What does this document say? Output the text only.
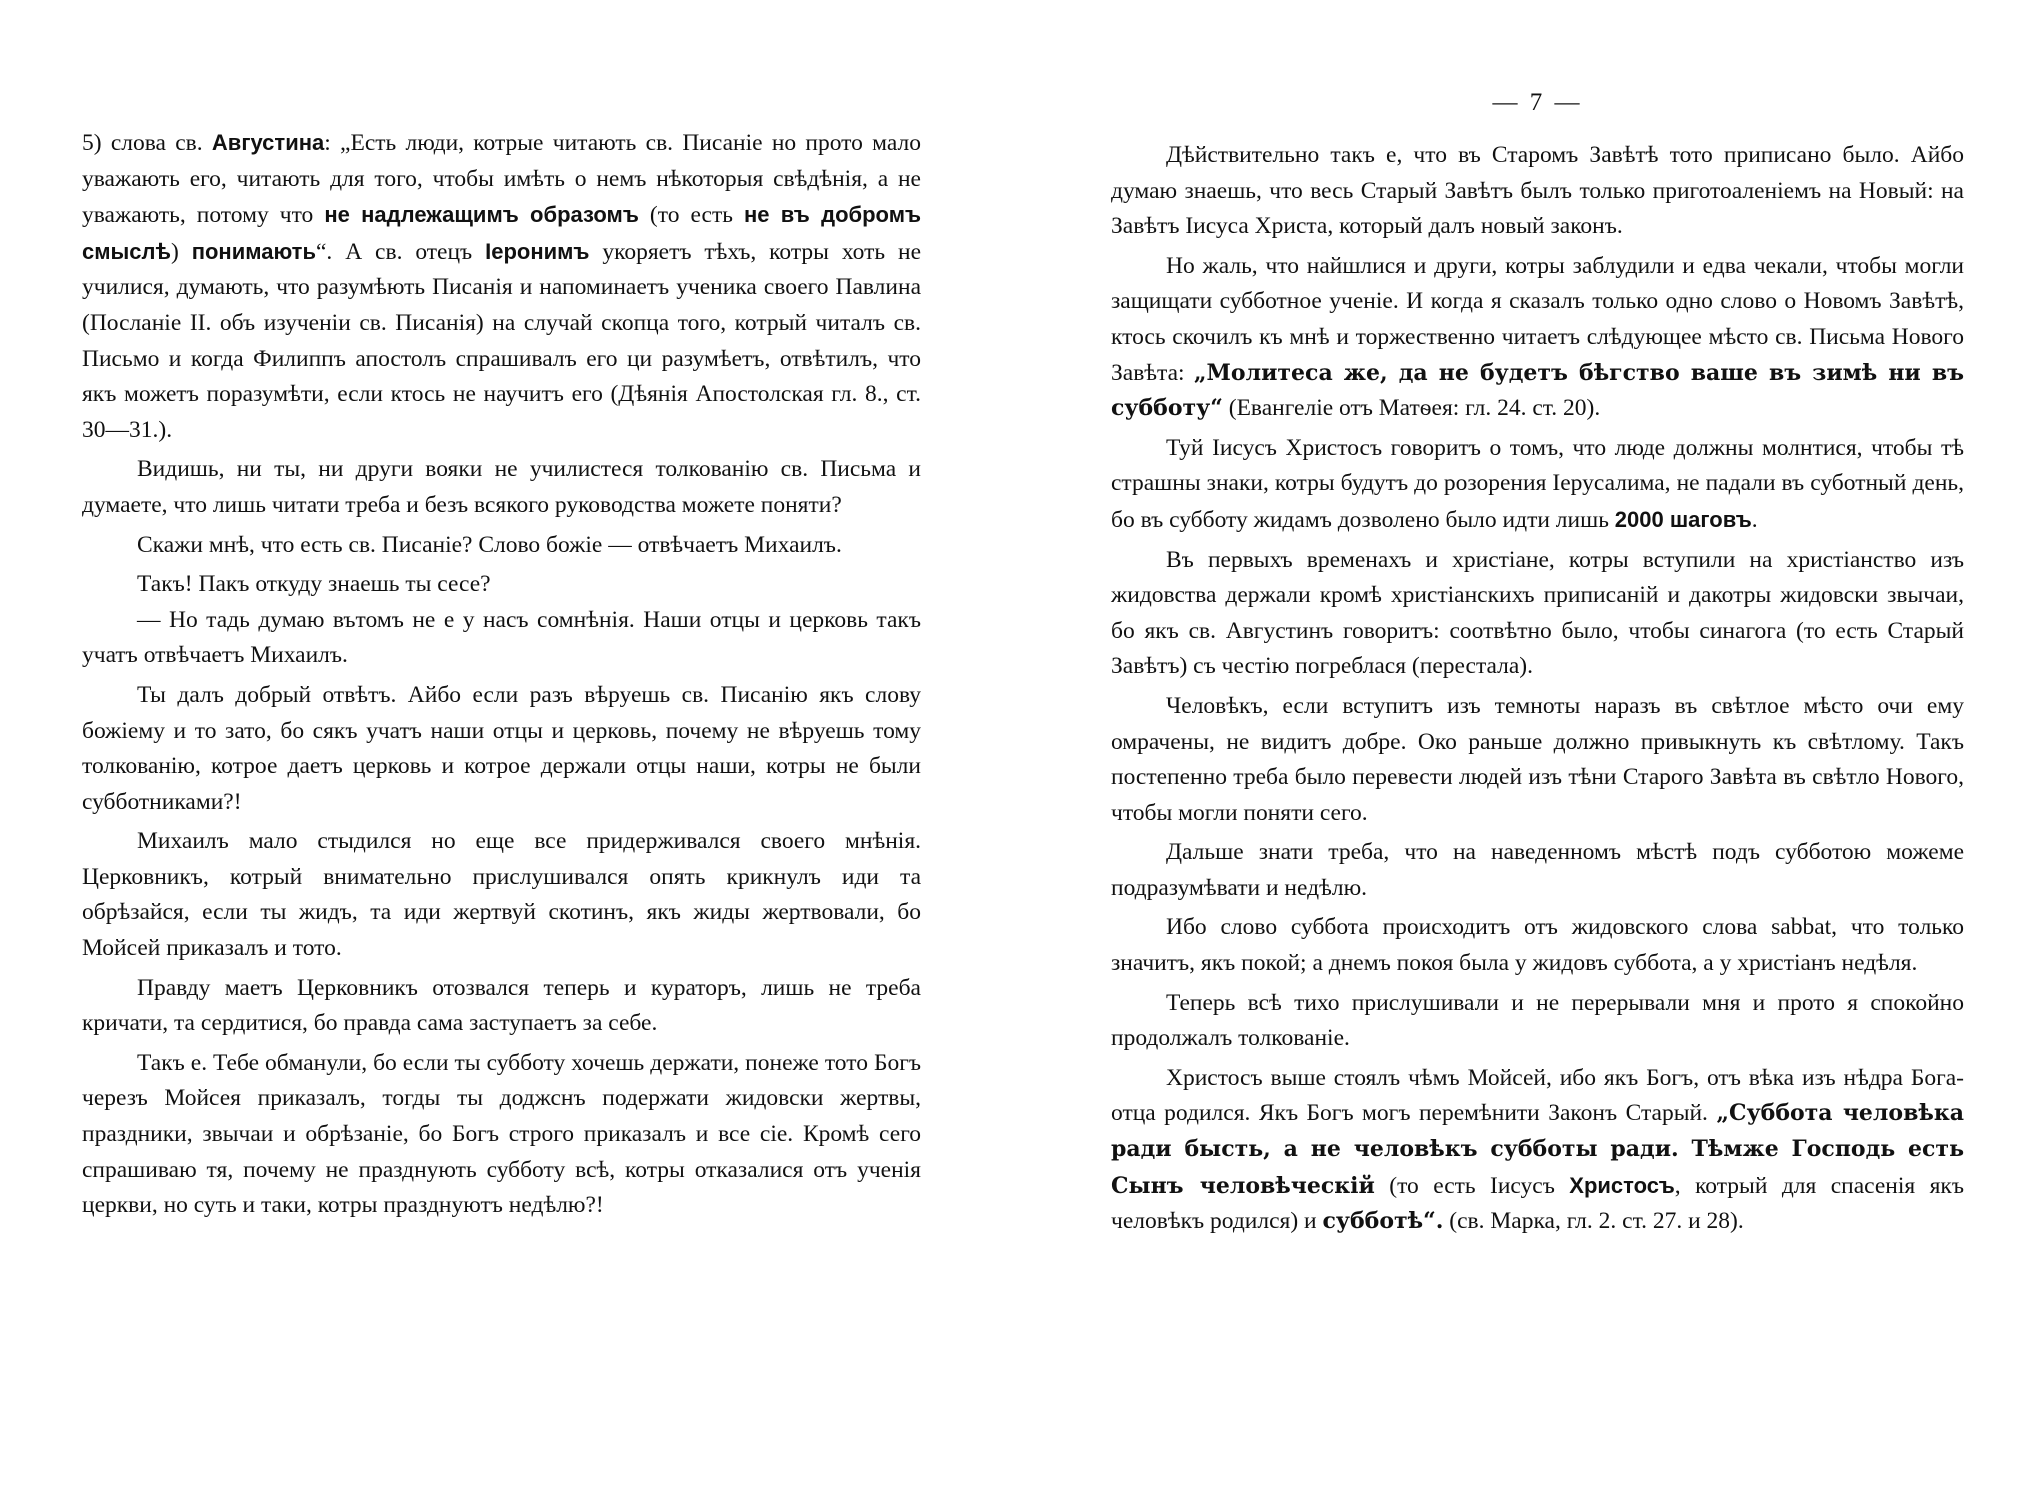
5) слова св. Августина: „Есть люди, котрые читають св. Писаніе но прото мало уважають его, читають для того, чтобы имѣть о немъ нѣкоторыя свѣдѣнія, а не уважають, потому что не надлежащимъ образомъ (то есть не въ добромъ смыслѣ) понимають“. А св. отецъ Іеронимъ укоряетъ тѣхъ, котры хоть не училися, думають, что разумѣють Писанія и напоминаетъ ученика своего Павлина (Посланіе II. объ изученіи св. Писанія) на случай скопца того, котрый читалъ св. Письмо и когда Филиппъ апостолъ спрашивалъ его ци разумѣетъ, отвѣтилъ, что якъ можетъ поразумѣти, если ктось не научитъ его (Дѣянія Апостолская гл. 8., ст. 30—31.).

Видишь, ни ты, ни други вояки не училистеся толкованію св. Письма и думаете, что лишь читати треба и безъ всякого руководства можете поняти?

Скажи мнѣ, что есть св. Писаніе? Слово божіе — отвѣчаетъ Михаилъ.

Такъ! Пакъ откуду знаешь ты сесе?

— Но тадь думаю вътомъ не е у насъ сомнѣнія. Наши отцы и церковь такъ учатъ отвѣчаетъ Михаилъ.

Ты далъ добрый отвѣтъ. Айбо если разъ вѣруешь св. Писанію якъ слову божіему и то зато, бо сякъ учатъ наши отцы и церковь, почему не вѣруешь тому толкованію, котрое даетъ церковь и котрое держали отцы наши, котры не были субботниками?!

Михаилъ мало стыдился но еще все придерживался своего мнѣнія. Церковникъ, котрый внимательно прислушивался опять крикнулъ иди та обрѣзайся, если ты жидъ, та иди жертвуй скотинъ, якъ жиды жертвовали, бо Мойсей приказалъ и тото.

Правду маетъ Церковникъ отозвался теперь и кураторъ, лишь не треба кричати, та сердитися, бо правда сама заступаетъ за себе.

Такъ е. Тебе обманули, бо если ты субботу хочешь держати, понеже тото Богъ черезъ Мойсея приказалъ, тогды ты доджснъ подержати жидовски жертвы, праздники, звычаи и обрѣзаніе, бо Богъ строго приказалъ и все сіе. Кромѣ сего спрашиваю тя, почему не празднують субботу всѣ, котры отказалися отъ ученія церкви, но суть и таки, котры празднуютъ недѣлю?!

— 7 —

Дѣйствительно такъ е, что въ Старомъ Завѣтѣ тото приписано было. Айбо думаю знаешь, что весь Старый Завѣтъ былъ только приготоаленіемъ на Новый: на Завѣтъ Іисуса Христа, который далъ новый законъ.

Но жаль, что найшлися и други, котры заблудили и едва чекали, чтобы могли защищати субботное ученіе. И когда я сказалъ только одно слово о Новомъ Завѣтѣ, ктось скочилъ къ мнѣ и торжественно читаетъ слѣдующее мѣсто св. Письма Нового Завѣта: „Молитеса же, да не будетъ бѣгство ваше въ зимѣ ни въ субботу“ (Евангеліе отъ Матѳея: гл. 24. ст. 20).

Туй Іисусъ Христосъ говоритъ о томъ, что люде должны молнтися, чтобы тѣ страшны знаки, котры будутъ до розорения Іерусалима, не падали въ суботный день, бо въ субботу жидамъ дозволено было идти лишь 2000 шаговъ.

Въ первыхъ временахъ и христіане, котры вступили на христіанство изъ жидовства держали кромѣ христіанскихъ приписаній и дакотры жидовски звычаи, бо якъ св. Августинъ говоритъ: соотвѣтно было, чтобы синагога (то есть Старый Завѣтъ) съ честію погреблася (перестала).

Человѣкъ, если вступитъ изъ темноты наразъ въ свѣтлое мѣсто очи ему омрачены, не видитъ добре. Око раньше должно привыкнуть къ свѣтлому. Такъ постепенно треба было перевести людей изъ тѣни Старого Завѣта въ свѣтло Нового, чтобы могли поняти сего.

Дальше знати треба, что на наведенномъ мѣстѣ подъ субботою можеме подразумѣвати и недѣлю.

Ибо слово суббота происходитъ отъ жидовского слова sabbat, что только значитъ, якъ покой; а днемъ покоя была у жидовъ суббота, а у христіанъ недѣля.

Теперь всѣ тихо прислушивали и не перерывали мня и прото я спокойно продолжалъ толкованіе.

Христосъ выше стоялъ чѣмъ Мойсей, ибо якъ Богъ, отъ вѣка изъ нѣдра Бога-отца родился. Якъ Богъ могъ перемѣнити Законъ Старый. „Суббота человѣка ради бысть, а не человѣкъ субботы ради. Тѣмже Господь есть Сынъ человѣческій (то есть Іисусъ Христосъ, котрый для спасенія якъ человѣкъ родился) и субботѣ“. (св. Марка, гл. 2. ст. 27. и 28).
